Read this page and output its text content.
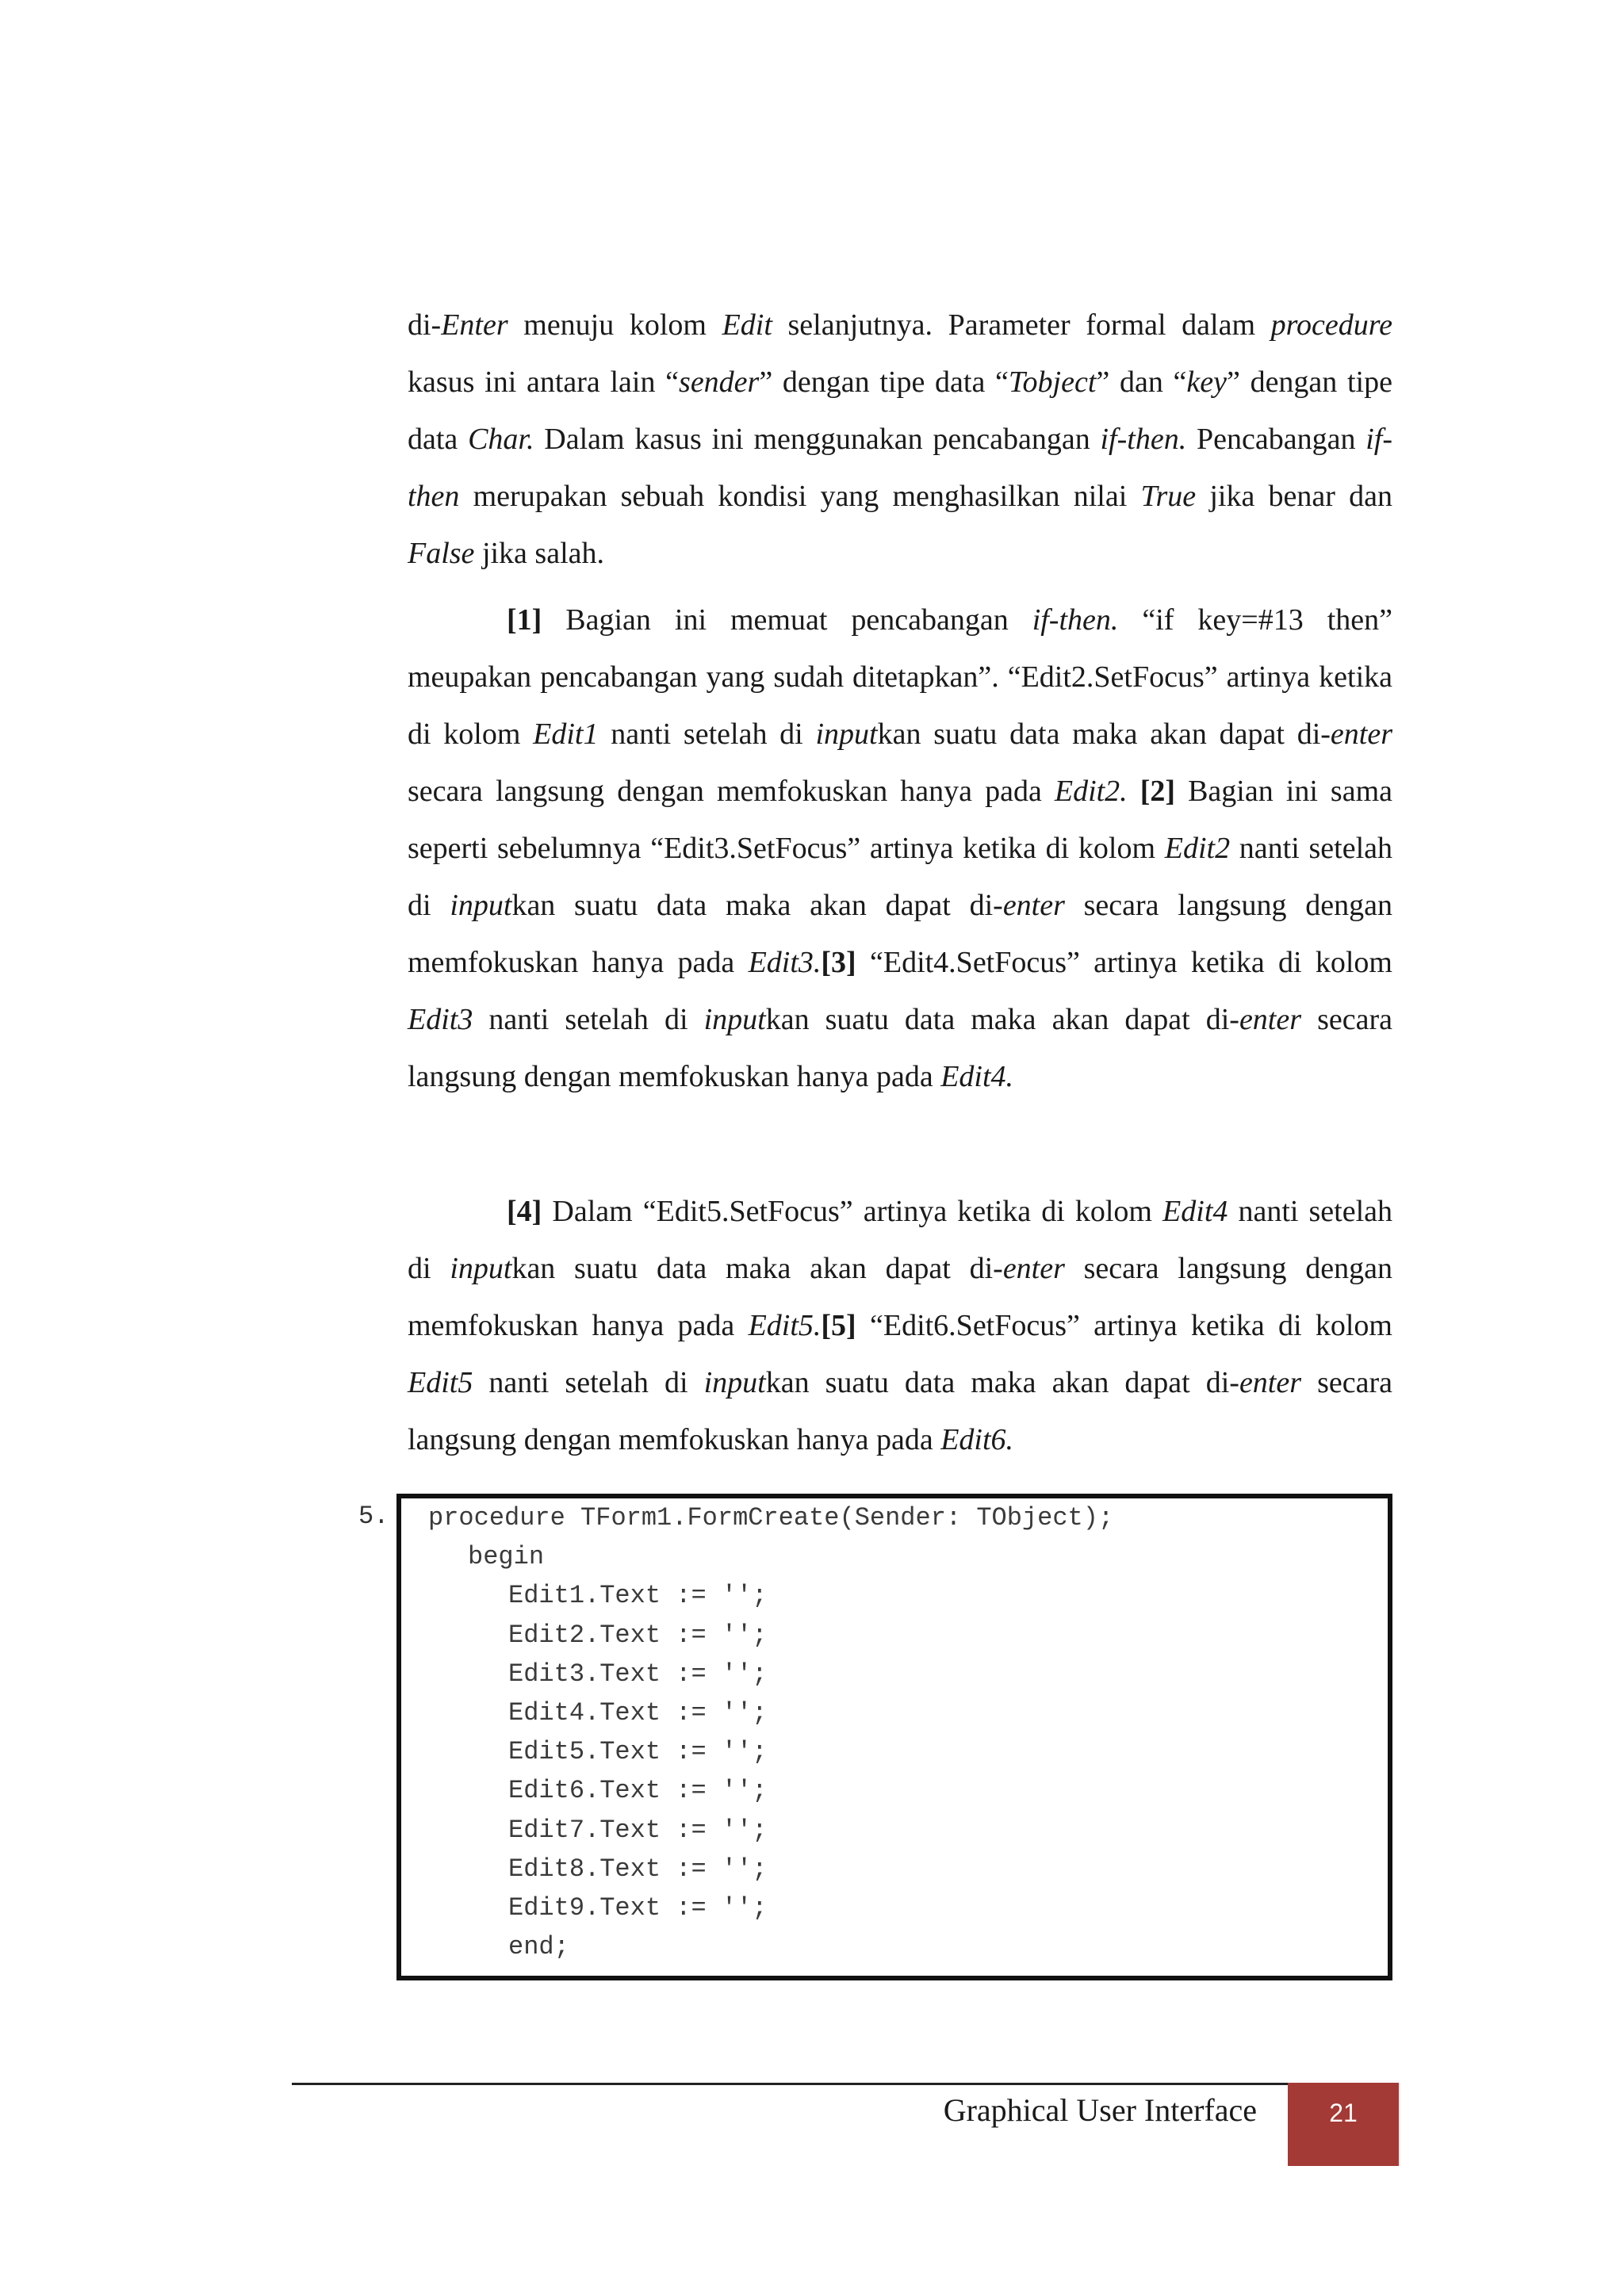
di-Enter menuju kolom Edit selanjutnya. Parameter formal dalam procedure kasus ini antara lain “sender” dengan tipe data “Tobject” dan “key” dengan tipe data Char. Dalam kasus ini menggunakan pencabangan if-then. Pencabangan if-then merupakan sebuah kondisi yang menghasilkan nilai True jika benar dan False jika salah.

[1] Bagian ini memuat pencabangan if-then. “if key=#13 then” meupakan pencabangan yang sudah ditetapkan”. “Edit2.SetFocus” artinya ketika di kolom Edit1 nanti setelah di inputkan suatu data maka akan dapat di-enter secara langsung dengan memfokuskan hanya pada Edit2. [2] Bagian ini sama seperti sebelumnya “Edit3.SetFocus” artinya ketika di kolom Edit2 nanti setelah di inputkan suatu data maka akan dapat di-enter secara langsung dengan memfokuskan hanya pada Edit3.[3] “Edit4.SetFocus” artinya ketika di kolom Edit3 nanti setelah di inputkan suatu data maka akan dapat di-enter secara langsung dengan memfokuskan hanya pada Edit4.

[4] Dalam “Edit5.SetFocus” artinya ketika di kolom Edit4 nanti setelah di inputkan suatu data maka akan dapat di-enter secara langsung dengan memfokuskan hanya pada Edit5.[5] “Edit6.SetFocus” artinya ketika di kolom Edit5 nanti setelah di inputkan suatu data maka akan dapat di-enter secara langsung dengan memfokuskan hanya pada Edit6.

5. procedure TForm1.FormCreate(Sender: TObject);
begin
Edit1.Text := '';
Edit2.Text := '';
Edit3.Text := '';
Edit4.Text := '';
Edit5.Text := '';
Edit6.Text := '';
Edit7.Text := '';
Edit8.Text := '';
Edit9.Text := '';
end;
Graphical User Interface	21
